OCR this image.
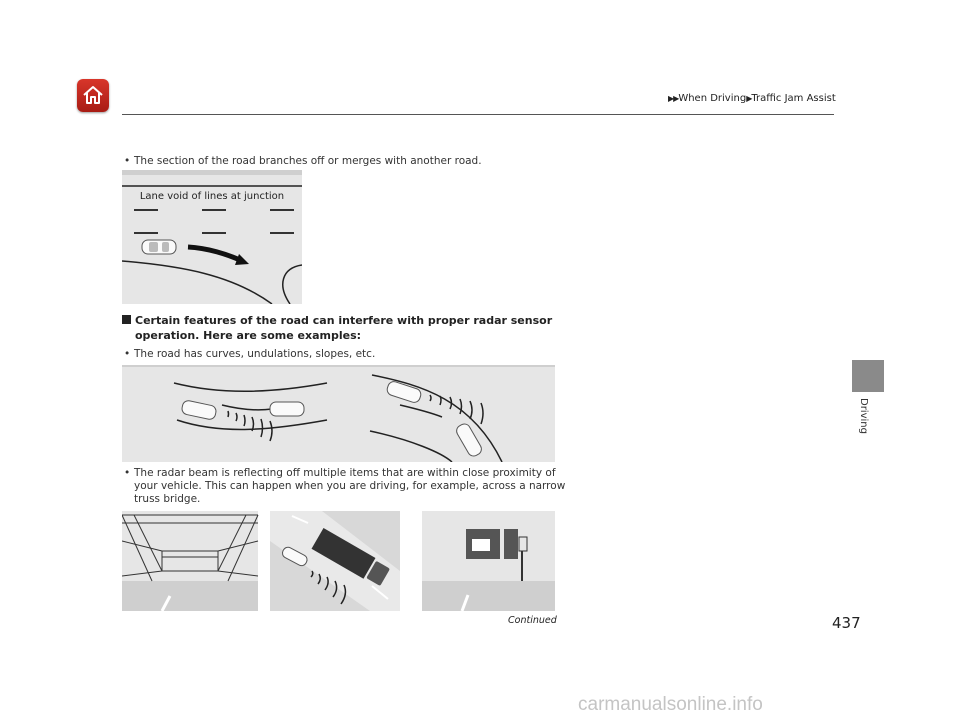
▶▶When Driving▶Traffic Jam Assist
Driving
• The section of the road branches off or merges with another road.
Lane void of lines at junction
Certain features of the road can interfere with proper radar sensor
operation. Here are some examples:
• The road has curves, undulations, slopes, etc.
• The radar beam is reflecting off multiple items that are within close proximity of
your vehicle. This can happen when you are driving, for example, across a narrow
truss bridge.
Continued	437
carmanualsonline.info
